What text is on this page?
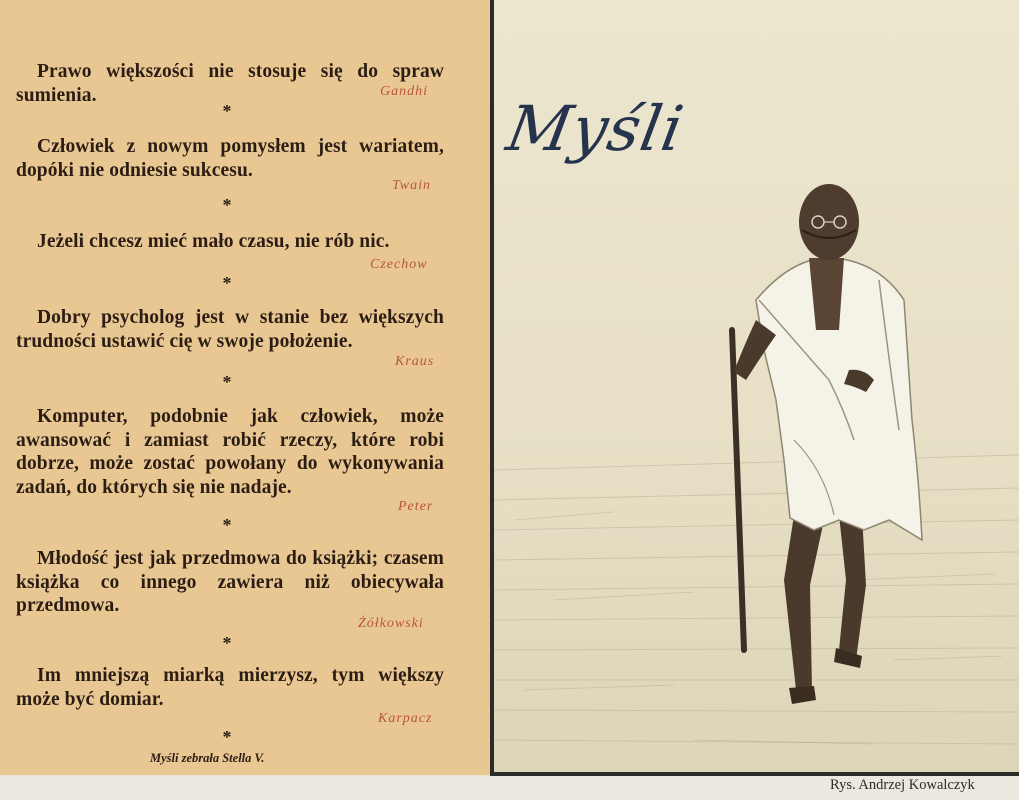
Prawo większości nie stosuje się do spraw sumienia.	Gandhi
*
Człowiek z nowym pomysłem jest wariatem, dopóki nie odniesie sukcesu.
Twain
*
Jeżeli chcesz mieć mało czasu, nie rób nic.
Czechow
*
Dobry psycholog jest w stanie bez większych trudności ustawić cię w swoje położenie.
Kraus
*
Komputer, podobnie jak człowiek, może awansować i zamiast robić rzeczy, które robi dobrze, może zostać powołany do wykonywania zadań, do których się nie nadaje.
Peter
*
Młodość jest jak przedmowa do książki; czasem książka co innego zawiera niż obiecywała przedmowa.
Żółkowski
*
Im mniejszą miarką mierzysz, tym większy może być domiar.
Karpacz
*
Myśli zebrała Stella V.
Myśli
Rys. Andrzej Kowalczyk
